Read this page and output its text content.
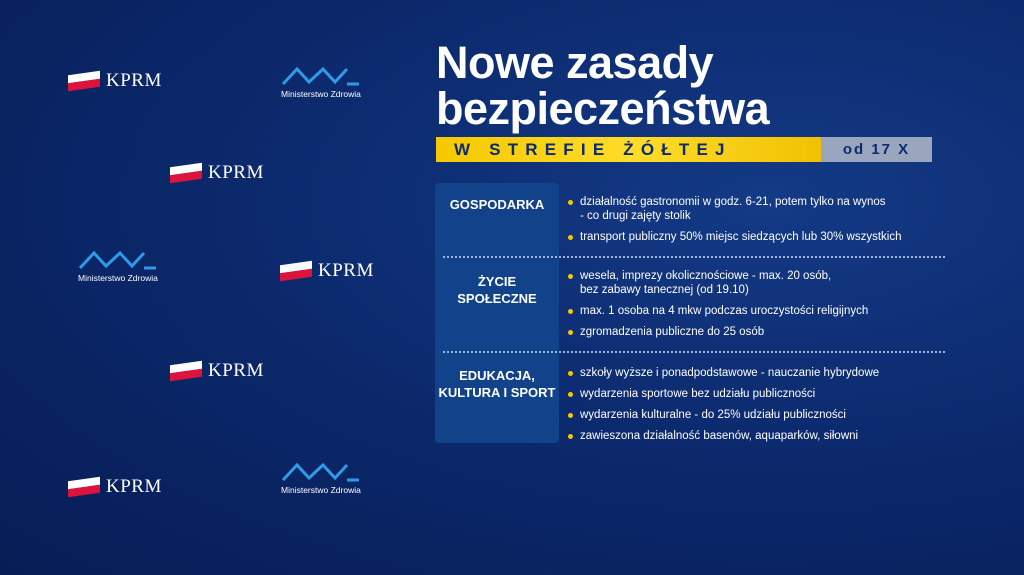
KPRM
KPRM
KPRM
KPRM
KPRM
Ministerstwo Zdrowia
Ministerstwo Zdrowia
Ministerstwo Zdrowia
Nowe zasady
bezpieczeństwa
W STREFIE ŻÓŁTEJ	od 17 X
GOSPODARKA
ŻYCIE
SPOŁECZNE
EDUKACJA,
KULTURA I SPORT
działalność gastronomii w godz. 6-21, potem tylko na wynos
- co drugi zajęty stolik
transport publiczny 50% miejsc siedzących lub 30% wszystkich
wesela, imprezy okolicznościowe - max. 20 osób,
bez zabawy tanecznej (od 19.10)
max. 1 osoba na 4 mkw podczas uroczystości religijnych
zgromadzenia publiczne do 25 osób
szkoły wyższe i ponadpodstawowe - nauczanie hybrydowe
wydarzenia sportowe bez udziału publiczności
wydarzenia kulturalne - do 25% udziału publiczności
zawieszona działalność basenów, aquaparków, siłowni
